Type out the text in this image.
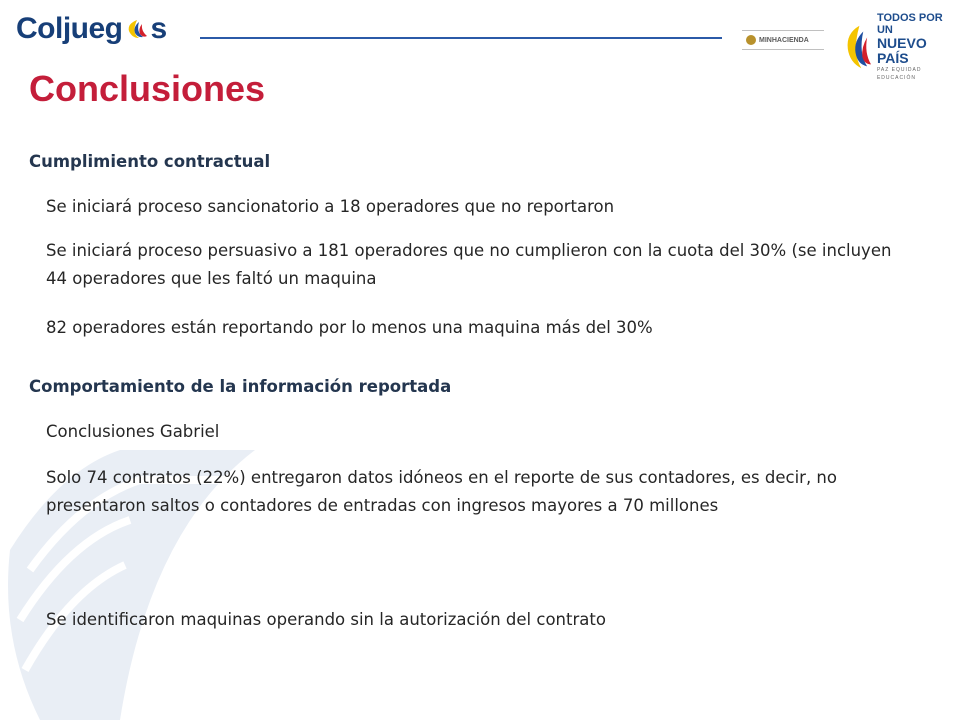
Coljueg s	MINHACIENDA
TODOS POR UN
NUEVO PAÍS
PAZ EQUIDAD EDUCACIÓN
Conclusiones
Cumplimiento contractual

Se iniciará proceso sancionatorio a 18 operadores que no reportaron

Se iniciará proceso persuasivo a 181 operadores que no cumplieron con la cuota del 30% (se incluyen 44 operadores que les faltó un maquina

82 operadores están reportando por lo menos una maquina más del 30%

Comportamiento de la información reportada

Conclusiones Gabriel

Solo 74 contratos (22%) entregaron datos idóneos en el reporte de sus contadores, es decir, no presentaron saltos o contadores de entradas con ingresos mayores a 70 millones

Se identificaron maquinas operando sin la autorización del contrato
